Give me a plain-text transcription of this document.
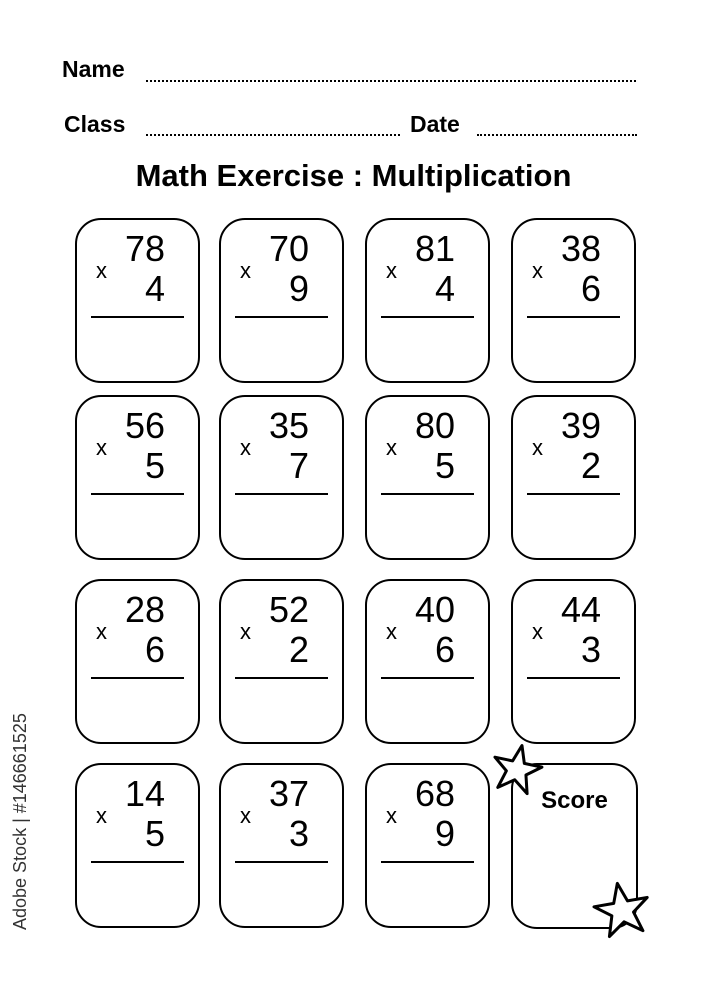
Name
Class	Date
Math Exercise : Multiplication
x
78
4	x
70
9	x
81
4	x
38
6
x
56
5	x
35
7	x
80
5	x
39
2
x
28
6	x
52
2	x
40
6	x
44
3
x
14
5	x
37
3	x
68
9
Score
Adobe Stock | #146661525
